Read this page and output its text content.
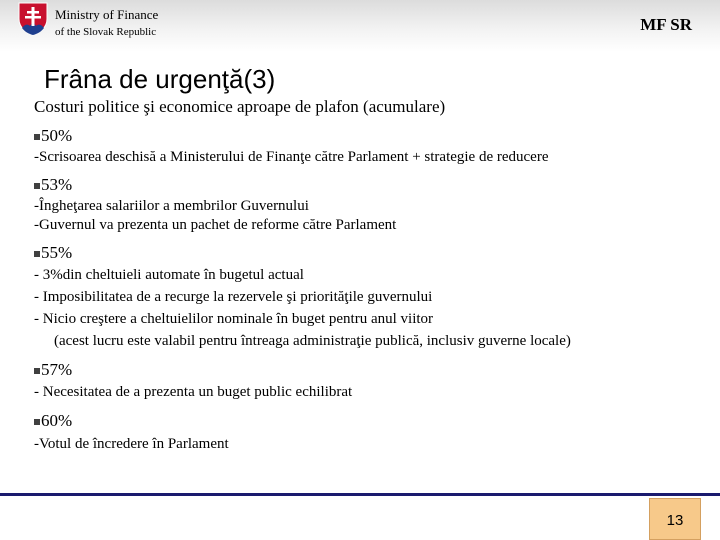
Ministry of Finance
of the Slovak Republic	MF SR
Frâna de urgenţă(3)
Costuri politice şi economice aproape de plafon (acumulare)
50%
-Scrisoarea deschisă a Ministerului de Finanţe către Parlament + strategie de reducere
53%
-Îngheţarea salariilor a membrilor Guvernului
-Guvernul va prezenta un pachet de reforme către Parlament
55%
- 3%din cheltuieli automate în bugetul actual
- Imposibilitatea de a recurge la rezervele şi priorităţile guvernului
- Nicio creştere a cheltuielilor nominale în buget pentru anul viitor
(acest lucru este valabil pentru întreaga administraţie publică, inclusiv guverne locale)
57%
- Necesitatea de a prezenta un buget public echilibrat
60%
-Votul de încredere în Parlament
13
